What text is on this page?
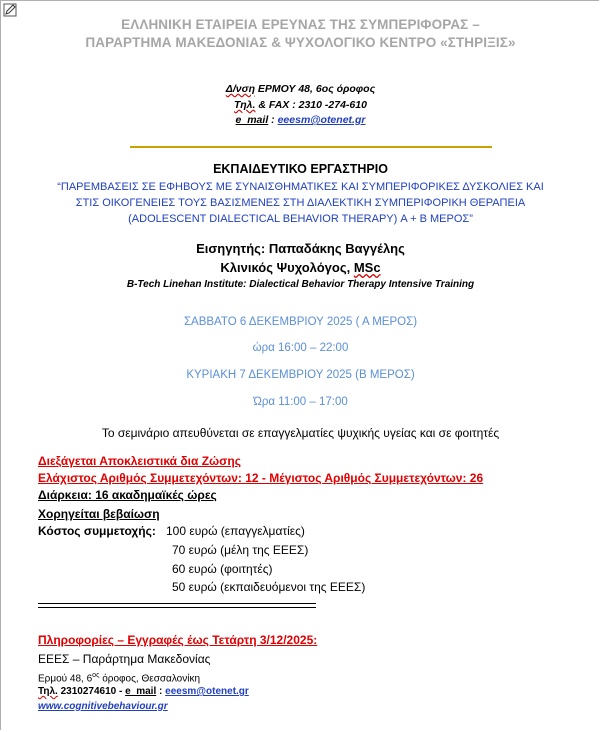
ΕΛΛΗΝΙΚΗ ΕΤΑΙΡΕΙΑ ΕΡΕΥΝΑΣ ΤΗΣ ΣΥΜΠΕΡΙΦΟΡΑΣ –
ΠΑΡΑΡΤΗΜΑ ΜΑΚΕΔΟΝΙΑΣ & ΨΥΧΟΛΟΓΙΚΟ ΚΕΝΤΡΟ «ΣΤΗΡΙΞΙΣ»
Δ/νση ΕΡΜΟΥ 48, 6ος όροφος
Τηλ. & FAX : 2310 -274-610
e_mail : eeesm@otenet.gr
ΕΚΠΑΙΔΕΥΤΙΚΟ ΕΡΓΑΣΤΗΡΙΟ
“ΠΑΡΕΜΒΑΣΕΙΣ ΣΕ ΕΦΗΒΟΥΣ ΜΕ ΣΥΝΑΙΣΘΗΜΑΤΙΚΕΣ ΚΑΙ ΣΥΜΠΕΡΙΦΟΡΙΚΕΣ ΔΥΣΚΟΛΙΕΣ ΚΑΙ
ΣΤΙΣ ΟΙΚΟΓΕΝΕΙΕΣ ΤΟΥΣ ΒΑΣΙΣΜΕΝΕΣ ΣΤΗ ΔΙΑΛΕΚΤΙΚΗ ΣΥΜΠΕΡΙΦΟΡΙΚΗ ΘΕΡΑΠΕΙΑ
(ADOLESCENT DIALECTICAL BEHAVIOR THERAPY) Α + Β ΜΕΡΟΣ”
Εισηγητής: Παπαδάκης Βαγγέλης
Κλινικός Ψυχολόγος, MSc
B-Tech Linehan Institute: Dialectical Behavior Therapy Intensive Training
ΣΑΒΒΑΤΟ 6 ΔΕΚΕΜΒΡΙΟΥ 2025 ( Α ΜΕΡΟΣ)
ώρα 16:00 – 22:00
ΚΥΡΙΑΚΗ 7 ΔΕΚΕΜΒΡΙΟΥ 2025 (Β ΜΕΡΟΣ)
Ώρα 11:00 – 17:00
Το σεμινάριο απευθύνεται σε επαγγελματίες ψυχικής υγείας και σε φοιτητές
Διεξάγεται Αποκλειστικά δια Ζώσης
Ελάχιστος Αριθμός Συμμετεχόντων: 12 - Μέγιστος Αριθμός Συμμετεχόντων: 26
Διάρκεια: 16 ακαδημαϊκές ώρες
Χορηγείται βεβαίωση
Κόστος συμμετοχής: 100 ευρώ (επαγγελματίες)
70 ευρώ (μέλη της ΕΕΕΣ)
60 ευρώ (φοιτητές)
50 ευρώ (εκπαιδευόμενοι της ΕΕΕΣ)
Πληροφορίες – Εγγραφές έως Τετάρτη 3/12/2025:
ΕΕΕΣ – Παράρτημα Μακεδονίας
Ερμού 48, $6^{o\varsigma}$ όροφος, Θεσσαλονίκη
Τηλ. 2310274610 - e_mail : eeesm@otenet.gr
www.cognitivebehaviour.gr
